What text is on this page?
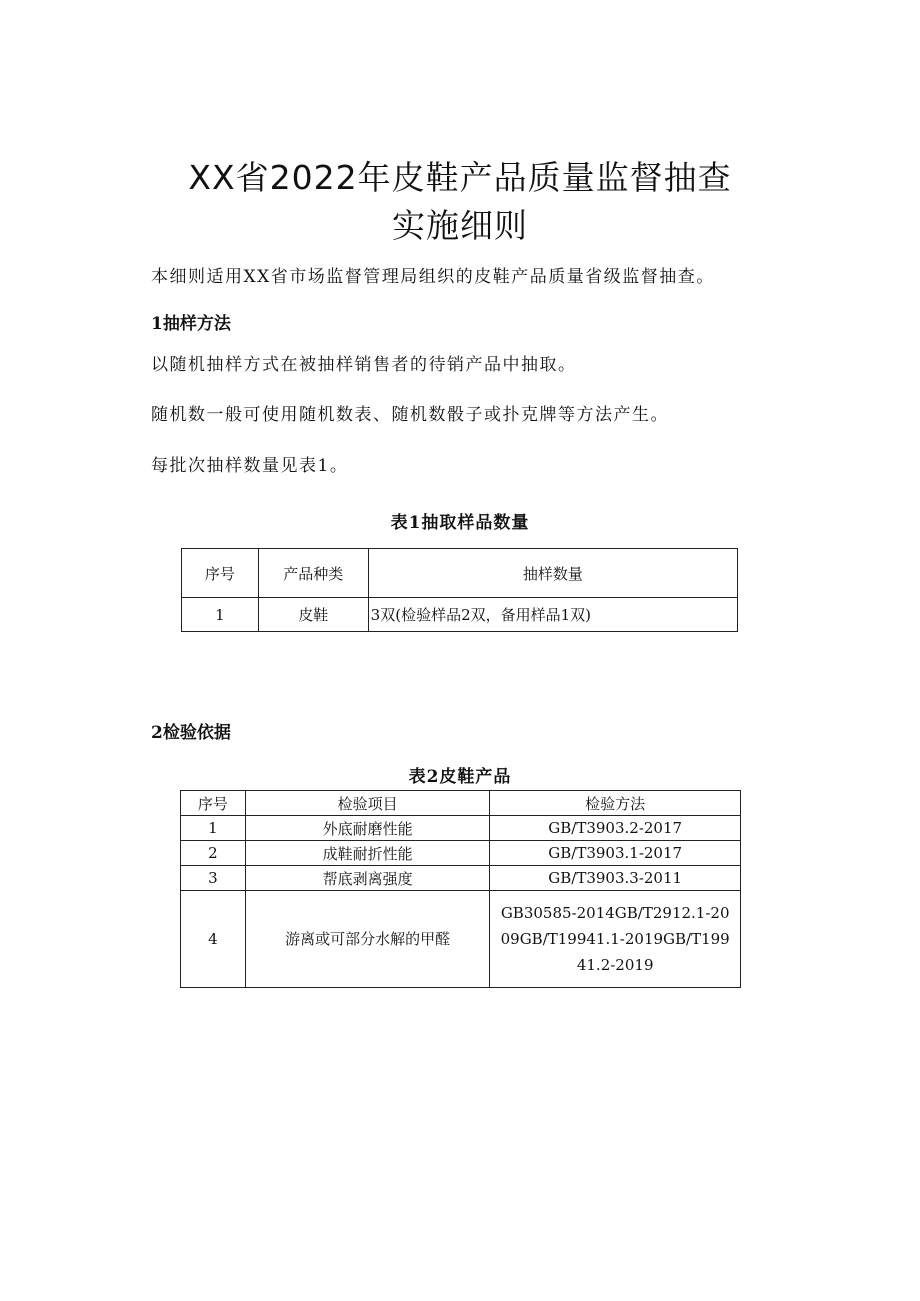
XX省2022年皮鞋产品质量监督抽查
实施细则
本细则适用XX省市场监督管理局组织的皮鞋产品质量省级监督抽查。
1抽样方法
以随机抽样方式在被抽样销售者的待销产品中抽取。
随机数一般可使用随机数表、随机数骰子或扑克牌等方法产生。
每批次抽样数量见表1。
表1抽取样品数量
序号	产品种类	抽样数量
1	皮鞋	3双(检验样品2双，备用样品1双)
2检验依据
表2皮鞋产品
序号	检验项目	检验方法
1	外底耐磨性能	GB/T3903.2-2017
2	成鞋耐折性能	GB/T3903.1-2017
3	帮底剥离强度	GB/T3903.3-2011
4	游离或可部分水解的甲醛	GB30585-2014GB/T2912.1-2009GB/T19941.1-2019GB/T19941.2-2019
